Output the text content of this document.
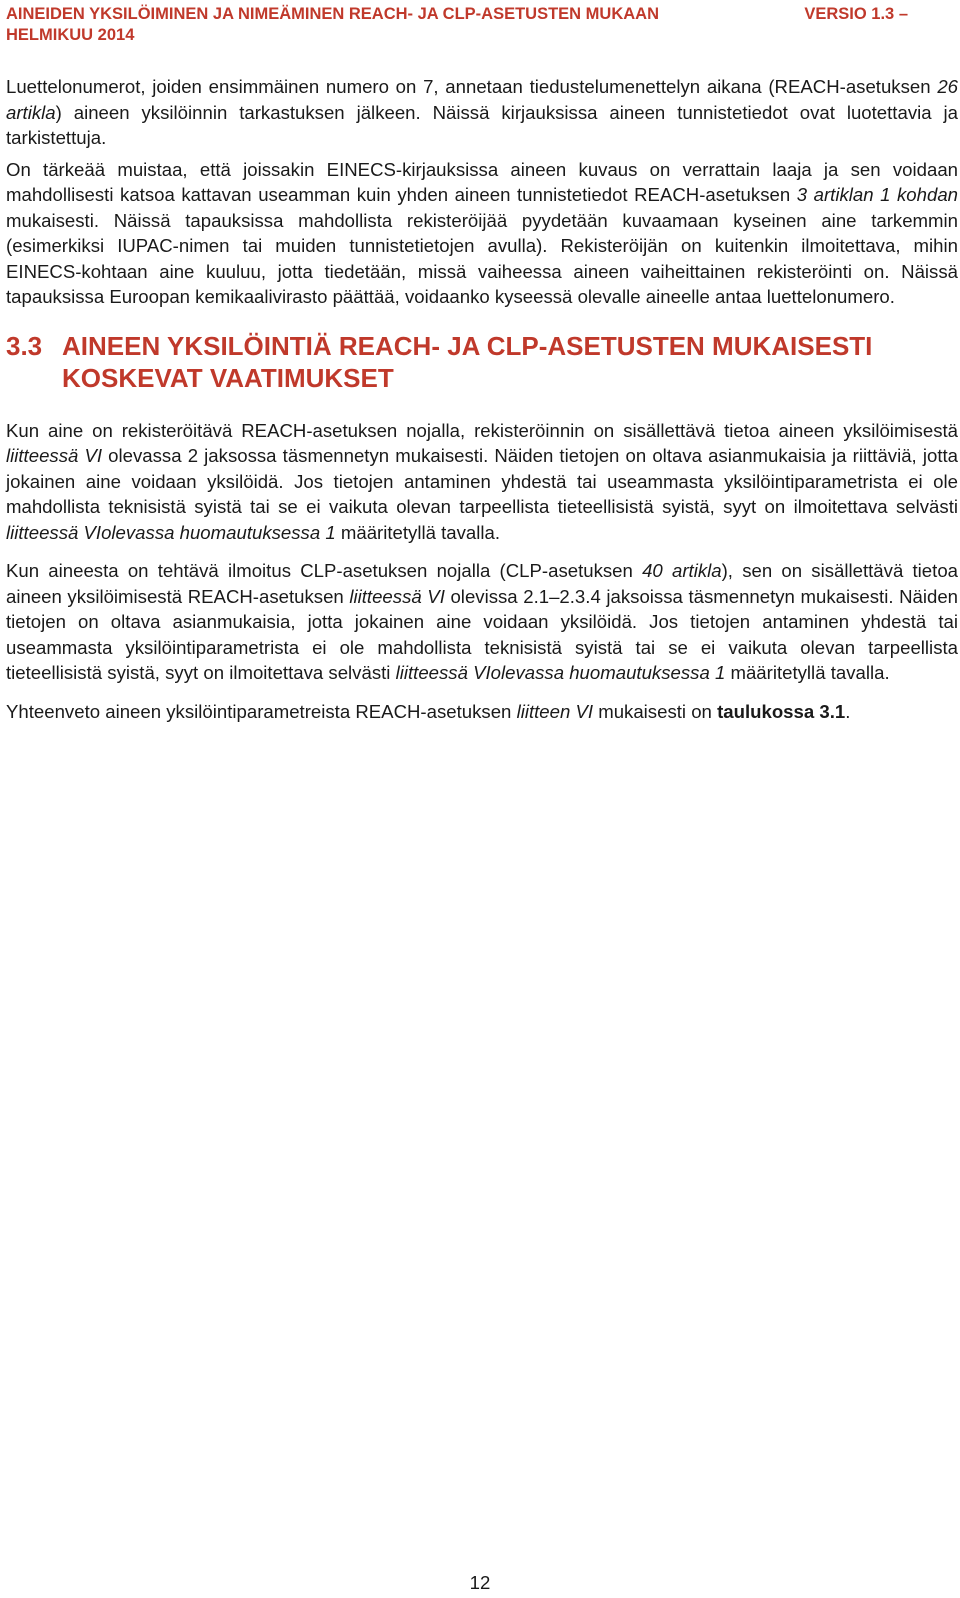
AINEIDEN YKSILÖIMINEN JA NIMEÄMINEN REACH- JA CLP-ASETUSTEN MUKAAN	VERSIO 1.3 –
HELMIKUU 2014

Luettelonumerot, joiden ensimmäinen numero on 7, annetaan tiedustelumenettelyn aikana (REACH-asetuksen 26 artikla) aineen yksilöinnin tarkastuksen jälkeen. Näissä kirjauksissa aineen tunnistetiedot ovat luotettavia ja tarkistettuja.

On tärkeää muistaa, että joissakin EINECS-kirjauksissa aineen kuvaus on verrattain laaja ja sen voidaan mahdollisesti katsoa kattavan useamman kuin yhden aineen tunnistetiedot REACH-asetuksen 3 artiklan 1 kohdan mukaisesti. Näissä tapauksissa mahdollista rekisteröijää pyydetään kuvaamaan kyseinen aine tarkemmin (esimerkiksi IUPAC-nimen tai muiden tunnistetietojen avulla). Rekisteröijän on kuitenkin ilmoitettava, mihin EINECS-kohtaan aine kuuluu, jotta tiedetään, missä vaiheessa aineen vaiheittainen rekisteröinti on. Näissä tapauksissa Euroopan kemikaalivirasto päättää, voidaanko kyseessä olevalle aineelle antaa luettelonumero.

3.3 AINEEN YKSILÖINTIÄ REACH- JA CLP-ASETUSTEN MUKAISESTI KOSKEVAT VAATIMUKSET

Kun aine on rekisteröitävä REACH-asetuksen nojalla, rekisteröinnin on sisällettävä tietoa aineen yksilöimisestä liitteessä VI olevassa 2 jaksossa täsmennetyn mukaisesti. Näiden tietojen on oltava asianmukaisia ja riittäviä, jotta jokainen aine voidaan yksilöidä. Jos tietojen antaminen yhdestä tai useammasta yksilöintiparametrista ei ole mahdollista teknisistä syistä tai se ei vaikuta olevan tarpeellista tieteellisistä syistä, syyt on ilmoitettava selvästi liitteessä VIolevassa huomautuksessa 1 määritetyllä tavalla.

Kun aineesta on tehtävä ilmoitus CLP-asetuksen nojalla (CLP-asetuksen 40 artikla), sen on sisällettävä tietoa aineen yksilöimisestä REACH-asetuksen liitteessä VI olevissa 2.1–2.3.4 jaksoissa täsmennetyn mukaisesti. Näiden tietojen on oltava asianmukaisia, jotta jokainen aine voidaan yksilöidä. Jos tietojen antaminen yhdestä tai useammasta yksilöintiparametrista ei ole mahdollista teknisistä syistä tai se ei vaikuta olevan tarpeellista tieteellisistä syistä, syyt on ilmoitettava selvästi liitteessä VIolevassa huomautuksessa 1 määritetyllä tavalla.

Yhteenveto aineen yksilöintiparametreista REACH-asetuksen liitteen VI mukaisesti on taulukossa 3.1.

12
